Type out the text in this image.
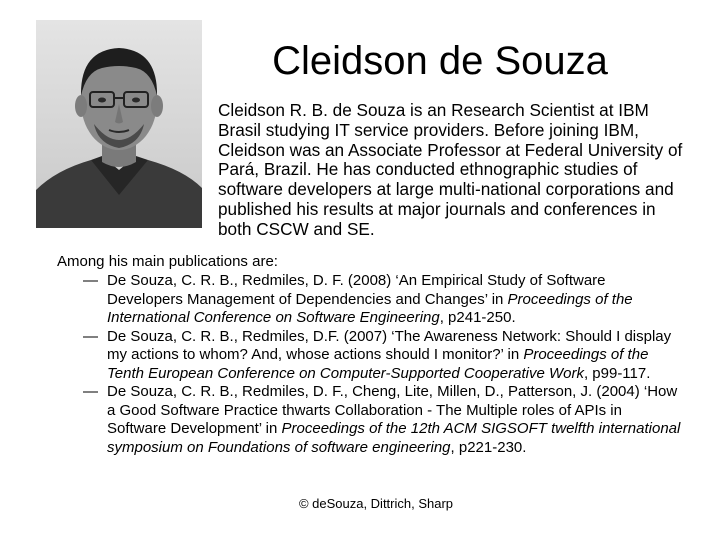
Cleidson de Souza
Cleidson R. B. de Souza is an Research Scientist at IBM Brasil studying IT service providers. Before joining IBM, Cleidson was an Associate Professor at Federal University of Pará, Brazil. He has conducted ethnographic studies of software developers at large multi-national corporations and published his results at major journals and conferences in both CSCW and SE.
Among his main publications are:
— De Souza, C. R. B., Redmiles, D. F. (2008) ‘An Empirical Study of Software Developers Management of Dependencies and Changes’ in Proceedings of the International Conference on Software Engineering, p241-250.
— De Souza, C. R. B., Redmiles, D.F. (2007) ‘The Awareness Network: Should I display my actions to whom? And, whose actions should I monitor?’ in Proceedings of the Tenth European Conference on Computer-Supported Cooperative Work, p99-117.
— De Souza, C. R. B., Redmiles, D. F., Cheng, Lite, Millen, D., Patterson, J. (2004) ‘How a Good Software Practice thwarts Collaboration - The Multiple roles of APIs in Software Development’ in Proceedings of the 12th ACM SIGSOFT twelfth international symposium on Foundations of software engineering, p221-230.
© deSouza, Dittrich, Sharp
